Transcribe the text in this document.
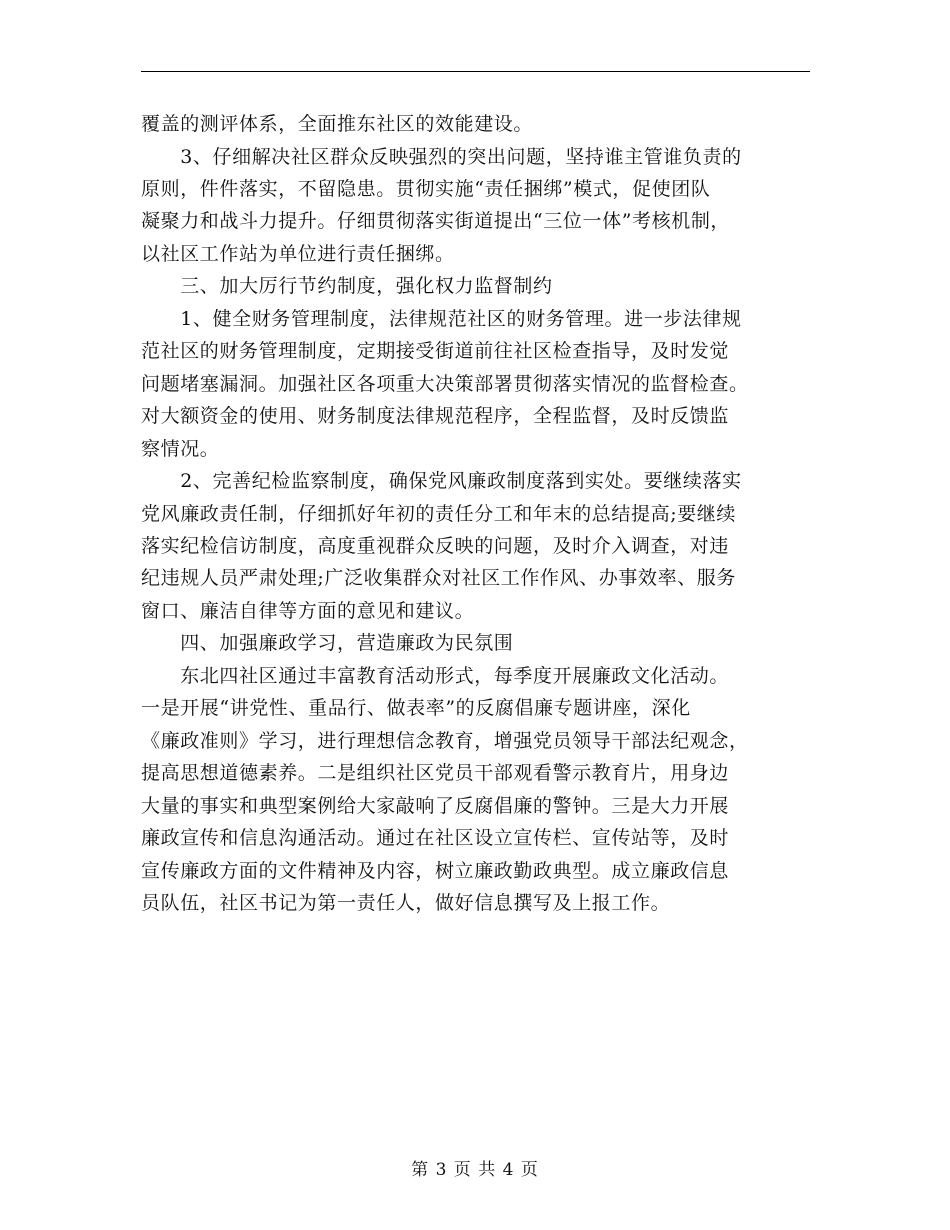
覆盖的测评体系，全面推东社区的效能建设。
　　3、仔细解决社区群众反映强烈的突出问题，坚持谁主管谁负责的
原则，件件落实，不留隐患。贯彻实施“责任捆绑”模式，促使团队
凝聚力和战斗力提升。仔细贯彻落实街道提出“三位一体”考核机制，
以社区工作站为单位进行责任捆绑。
　　三、加大厉行节约制度，强化权力监督制约
　　1、健全财务管理制度，法律规范社区的财务管理。进一步法律规
范社区的财务管理制度，定期接受街道前往社区检查指导，及时发觉
问题堵塞漏洞。加强社区各项重大决策部署贯彻落实情况的监督检查。
对大额资金的使用、财务制度法律规范程序，全程监督，及时反馈监
察情况。
　　2、完善纪检监察制度，确保党风廉政制度落到实处。要继续落实
党风廉政责任制，仔细抓好年初的责任分工和年末的总结提高;要继续
落实纪检信访制度，高度重视群众反映的问题，及时介入调查，对违
纪违规人员严肃处理;广泛收集群众对社区工作作风、办事效率、服务
窗口、廉洁自律等方面的意见和建议。
　　四、加强廉政学习，营造廉政为民氛围
　　东北四社区通过丰富教育活动形式，每季度开展廉政文化活动。
一是开展“讲党性、重品行、做表率”的反腐倡廉专题讲座，深化
《廉政准则》学习，进行理想信念教育，增强党员领导干部法纪观念，
提高思想道德素养。二是组织社区党员干部观看警示教育片，用身边
大量的事实和典型案例给大家敲响了反腐倡廉的警钟。三是大力开展
廉政宣传和信息沟通活动。通过在社区设立宣传栏、宣传站等，及时
宣传廉政方面的文件精神及内容，树立廉政勤政典型。成立廉政信息
员队伍，社区书记为第一责任人，做好信息撰写及上报工作。
第 3 页 共 4 页
